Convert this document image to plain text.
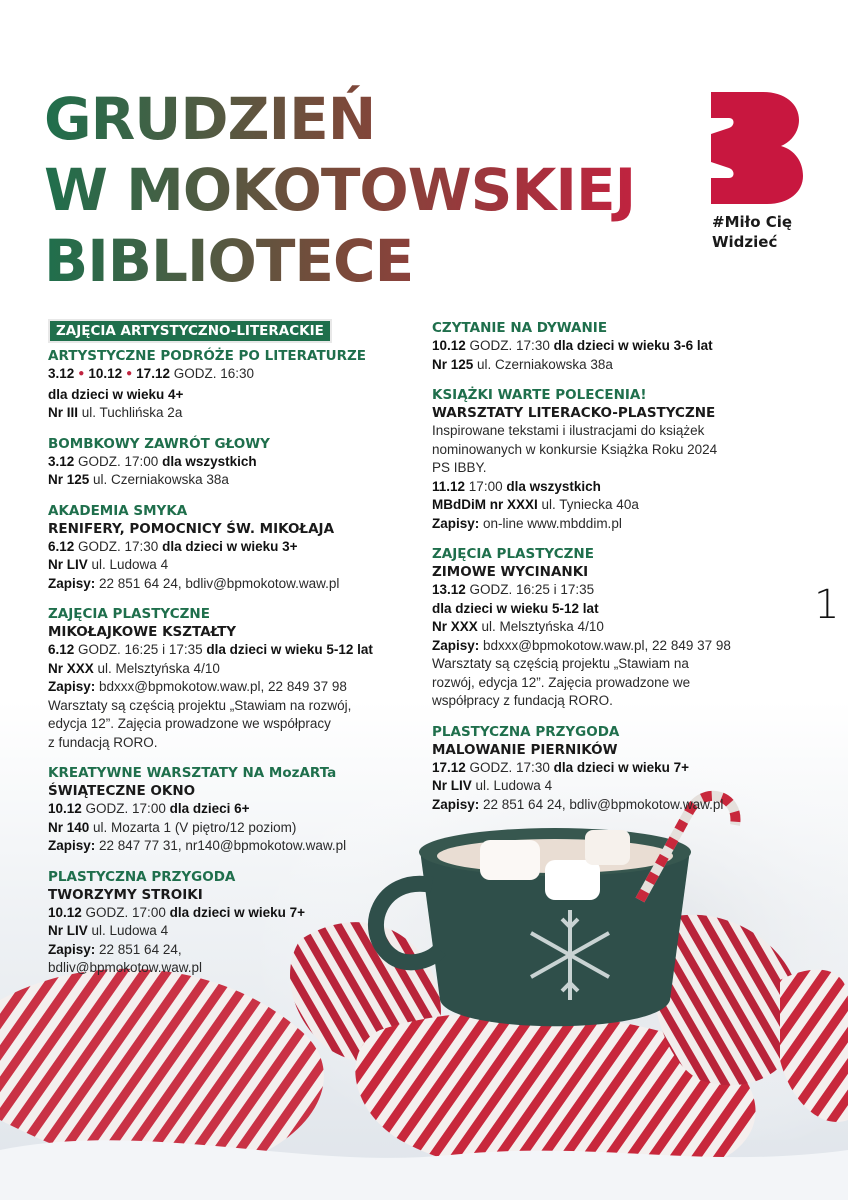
GRUDZIEŃ
W MOKOTOWSKIEJ
BIBLIOTECE
#Miło Cię
Widzieć
1
ZAJĘCIA ARTYSTYCZNO-LITERACKIE
ARTYSTYCZNE PODRÓŻE PO LITERATURZE
3.12 ● 10.12 ● 17.12 GODZ. 16:30
dla dzieci w wieku 4+
Nr III ul. Tuchlińska 2a
BOMBKOWY ZAWRÓT GŁOWY
3.12 GODZ. 17:00 dla wszystkich
Nr 125 ul. Czerniakowska 38a
AKADEMIA SMYKA
RENIFERY, POMOCNICY ŚW. MIKOŁAJA
6.12 GODZ. 17:30 dla dzieci w wieku 3+
Nr LIV ul. Ludowa 4
Zapisy: 22 851 64 24, bdliv@bpmokotow.waw.pl
ZAJĘCIA PLASTYCZNE
MIKOŁAJKOWE KSZTAŁTY
6.12 GODZ. 16:25 i 17:35 dla dzieci w wieku 5-12 lat
Nr XXX ul. Melsztyńska 4/10
Zapisy: bdxxx@bpmokotow.waw.pl, 22 849 37 98
Warsztaty są częścią projektu „Stawiam na rozwój,
edycja 12”. Zajęcia prowadzone we współpracy
z fundacją RORO.
KREATYWNE WARSZTATY NA MozARTa
ŚWIĄTECZNE OKNO
10.12 GODZ. 17:00 dla dzieci 6+
Nr 140 ul. Mozarta 1 (V piętro/12 poziom)
Zapisy: 22 847 77 31, nr140@bpmokotow.waw.pl
PLASTYCZNA PRZYGODA
TWORZYMY STROIKI
10.12 GODZ. 17:00 dla dzieci w wieku 7+
Nr LIV ul. Ludowa 4
Zapisy: 22 851 64 24,
bdliv@bpmokotow.waw.pl
CZYTANIE NA DYWANIE
10.12 GODZ. 17:30 dla dzieci w wieku 3-6 lat
Nr 125 ul. Czerniakowska 38a
KSIĄŻKI WARTE POLECENIA!
WARSZTATY LITERACKO-PLASTYCZNE
Inspirowane tekstami i ilustracjami do książek
nominowanych w konkursie Książka Roku 2024
PS IBBY.
11.12 17:00 dla wszystkich
MBdDiM nr XXXI ul. Tyniecka 40a
Zapisy: on-line www.mbddim.pl
ZAJĘCIA PLASTYCZNE
ZIMOWE WYCINANKI
13.12 GODZ. 16:25 i 17:35
dla dzieci w wieku 5-12 lat
Nr XXX ul. Melsztyńska 4/10
Zapisy: bdxxx@bpmokotow.waw.pl, 22 849 37 98
Warsztaty są częścią projektu „Stawiam na
rozwój, edycja 12”. Zajęcia prowadzone we
współpracy z fundacją RORO.
PLASTYCZNA PRZYGODA
MALOWANIE PIERNIKÓW
17.12 GODZ. 17:30 dla dzieci w wieku 7+
Nr LIV ul. Ludowa 4
Zapisy: 22 851 64 24, bdliv@bpmokotow.waw.pl
